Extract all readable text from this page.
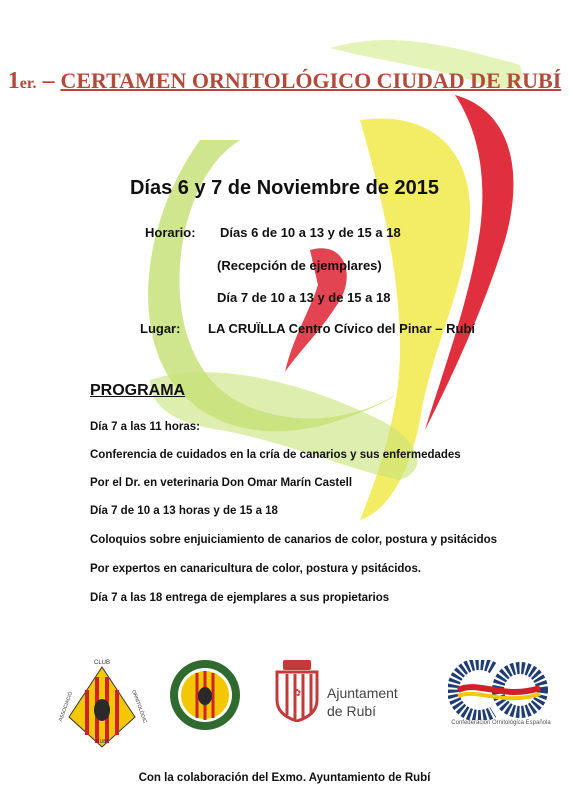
1er. – CERTAMEN ORNITOLÓGICO CIUDAD DE RUBÍ
Días 6 y 7 de Noviembre de 2015
Horario: Días 6 de 10 a 13 y de 15 a 18
(Recepción de ejemplares)
Día 7 de 10 a 13 y de 15 a 18
Lugar: LA CRUÏLLA Centro Cívico del Pinar – Rubí
PROGRAMA
Día 7 a las 11 horas:
Conferencia de cuidados en la cría de canarios y sus enfermedades
Por el Dr. en veterinaria Don Omar Marín Castell
Día 7 de 10 a 13 horas y de 15 a 18
Coloquios sobre enjuiciamiento de canarios de color, postura y psitácidos
Por expertos en canaricultura de color, postura y psitácidos.
Día 7 a las 18 entrega de ejemplares a sus propietarios
CLUB
ASSOCIACIÓ	ORNITOLÒGIC
RUBÍ
✿ Ajuntament
de Rubí
CO
Confederación Ornitológica Española
Con la colaboración del Exmo. Ayuntamiento de Rubí
